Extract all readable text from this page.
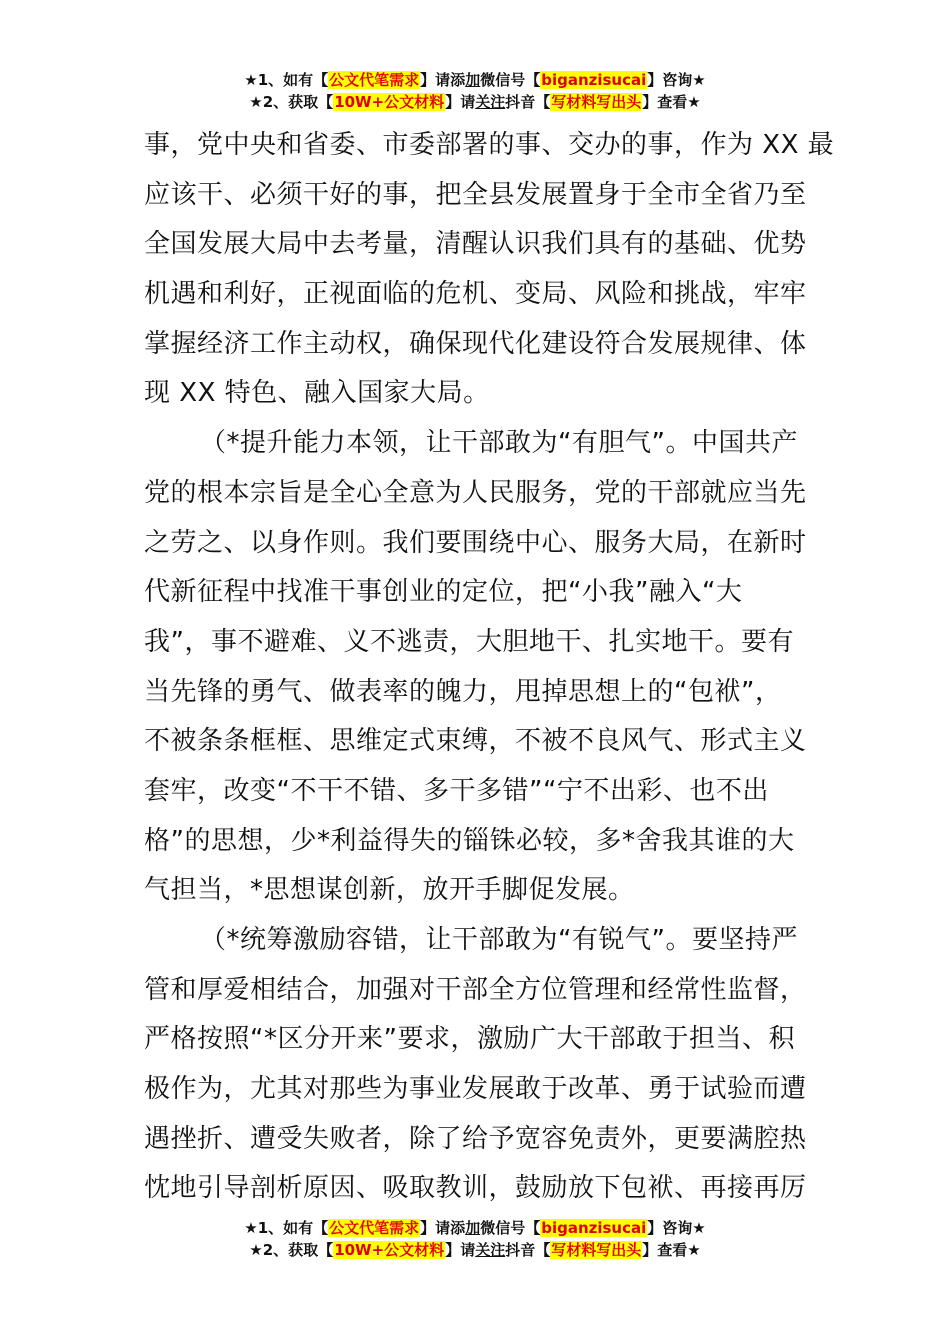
★1、如有【公文代笔需求】请添加微信号【biganzisucai】咨询★
★2、获取【10W+公文材料】请关注抖音【写材料写出头】查看★
事，党中央和省委、市委部署的事、交办的事，作为 XX 最
应该干、必须干好的事，把全县发展置身于全市全省乃至
全国发展大局中去考量，清醒认识我们具有的基础、优势
机遇和利好，正视面临的危机、变局、风险和挑战，牢牢
掌握经济工作主动权，确保现代化建设符合发展规律、体
现 XX 特色、融入国家大局。
（*提升能力本领，让干部敢为“有胆气”。中国共产
党的根本宗旨是全心全意为人民服务，党的干部就应当先
之劳之、以身作则。我们要围绕中心、服务大局，在新时
代新征程中找准干事创业的定位，把“小我”融入“大
我”，事不避难、义不逃责，大胆地干、扎实地干。要有
当先锋的勇气、做表率的魄力，甩掉思想上的“包袱”，
不被条条框框、思维定式束缚，不被不良风气、形式主义
套牢，改变“不干不错、多干多错”“宁不出彩、也不出
格”的思想，少*利益得失的锱铢必较，多*舍我其谁的大
气担当，*思想谋创新，放开手脚促发展。
（*统筹激励容错，让干部敢为“有锐气”。要坚持严
管和厚爱相结合，加强对干部全方位管理和经常性监督，
严格按照“*区分开来”要求，激励广大干部敢于担当、积
极作为，尤其对那些为事业发展敢于改革、勇于试验而遭
遇挫折、遭受失败者，除了给予宽容免责外，更要满腔热
忱地引导剖析原因、吸取教训，鼓励放下包袱、再接再厉
★1、如有【公文代笔需求】请添加微信号【biganzisucai】咨询★
★2、获取【10W+公文材料】请关注抖音【写材料写出头】查看★
